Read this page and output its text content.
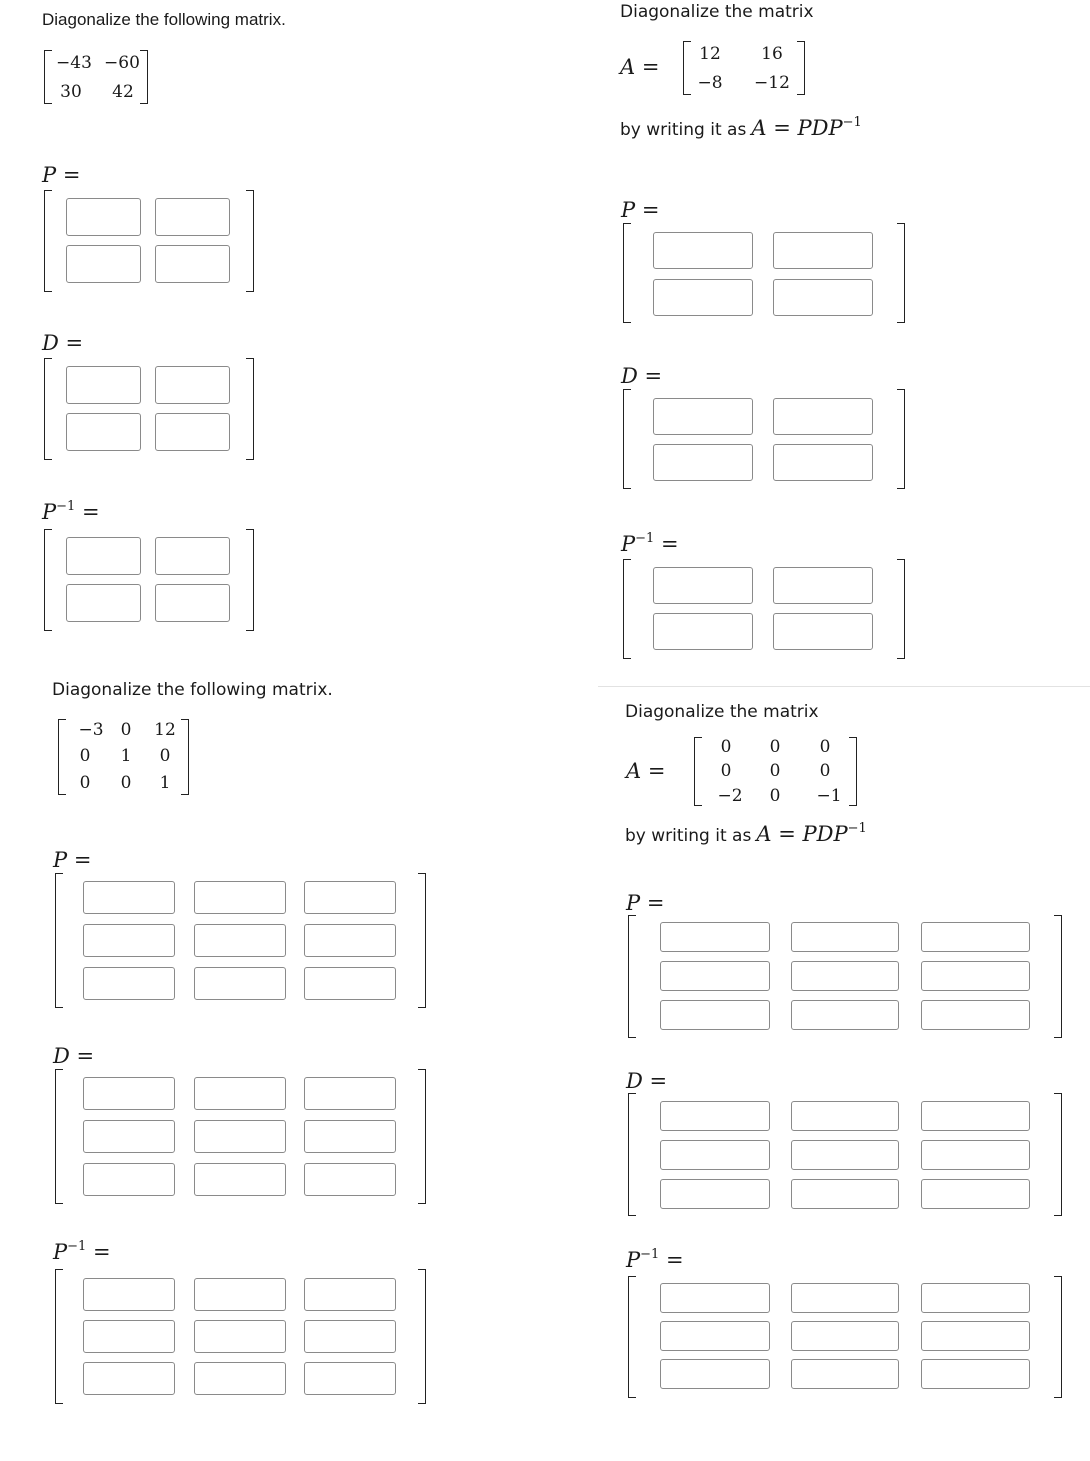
Diagonalize the following matrix.
−43 −60
30 42
P =
D =
$P^{-1}$ =
Diagonalize the matrix
A =
12 16
−8 −12
by writing it as $A = PDP^{-1}$
P =
D =
$P^{-1}$ =
Diagonalize the following matrix.
−3 0 12
0 1 0
0 0 1
P =
D =
$P^{-1}$ =
Diagonalize the matrix
A =
0 0 0
0 0 0
−2 0 −1
by writing it as $A = PDP^{-1}$
P =
D =
$P^{-1}$ =
